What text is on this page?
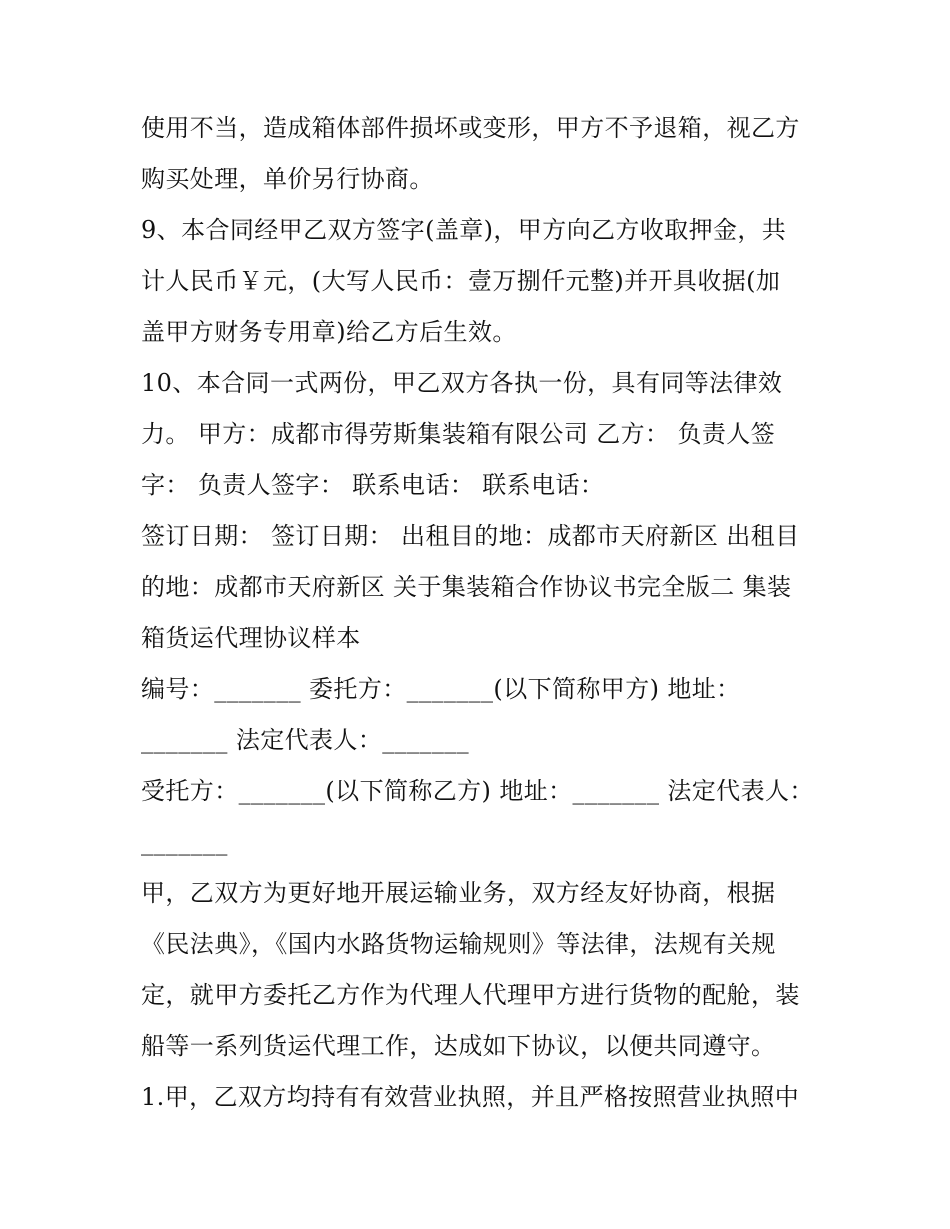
使用不当，造成箱体部件损坏或变形，甲方不予退箱，视乙方
购买处理，单价另行协商。
9、本合同经甲乙双方签字(盖章)，甲方向乙方收取押金，共
计人民币￥元，(大写人民币：壹万捌仟元整)并开具收据(加
盖甲方财务专用章)给乙方后生效。
10、本合同一式两份，甲乙双方各执一份，具有同等法律效
力。 甲方：成都市得劳斯集装箱有限公司 乙方： 负责人签
字： 负责人签字： 联系电话： 联系电话：
签订日期： 签订日期： 出租目的地：成都市天府新区 出租目
的地：成都市天府新区 关于集装箱合作协议书完全版二 集装
箱货运代理协议样本
编号：_______ 委托方：_______(以下简称甲方) 地址：
_______ 法定代表人：_______
受托方：_______(以下简称乙方) 地址：_______ 法定代表人：
_______
甲，乙双方为更好地开展运输业务，双方经友好协商，根据
《民法典》，《国内水路货物运输规则》等法律，法规有关规
定，就甲方委托乙方作为代理人代理甲方进行货物的配舱，装
船等一系列货运代理工作，达成如下协议，以便共同遵守。
1.甲，乙双方均持有有效营业执照，并且严格按照营业执照中
